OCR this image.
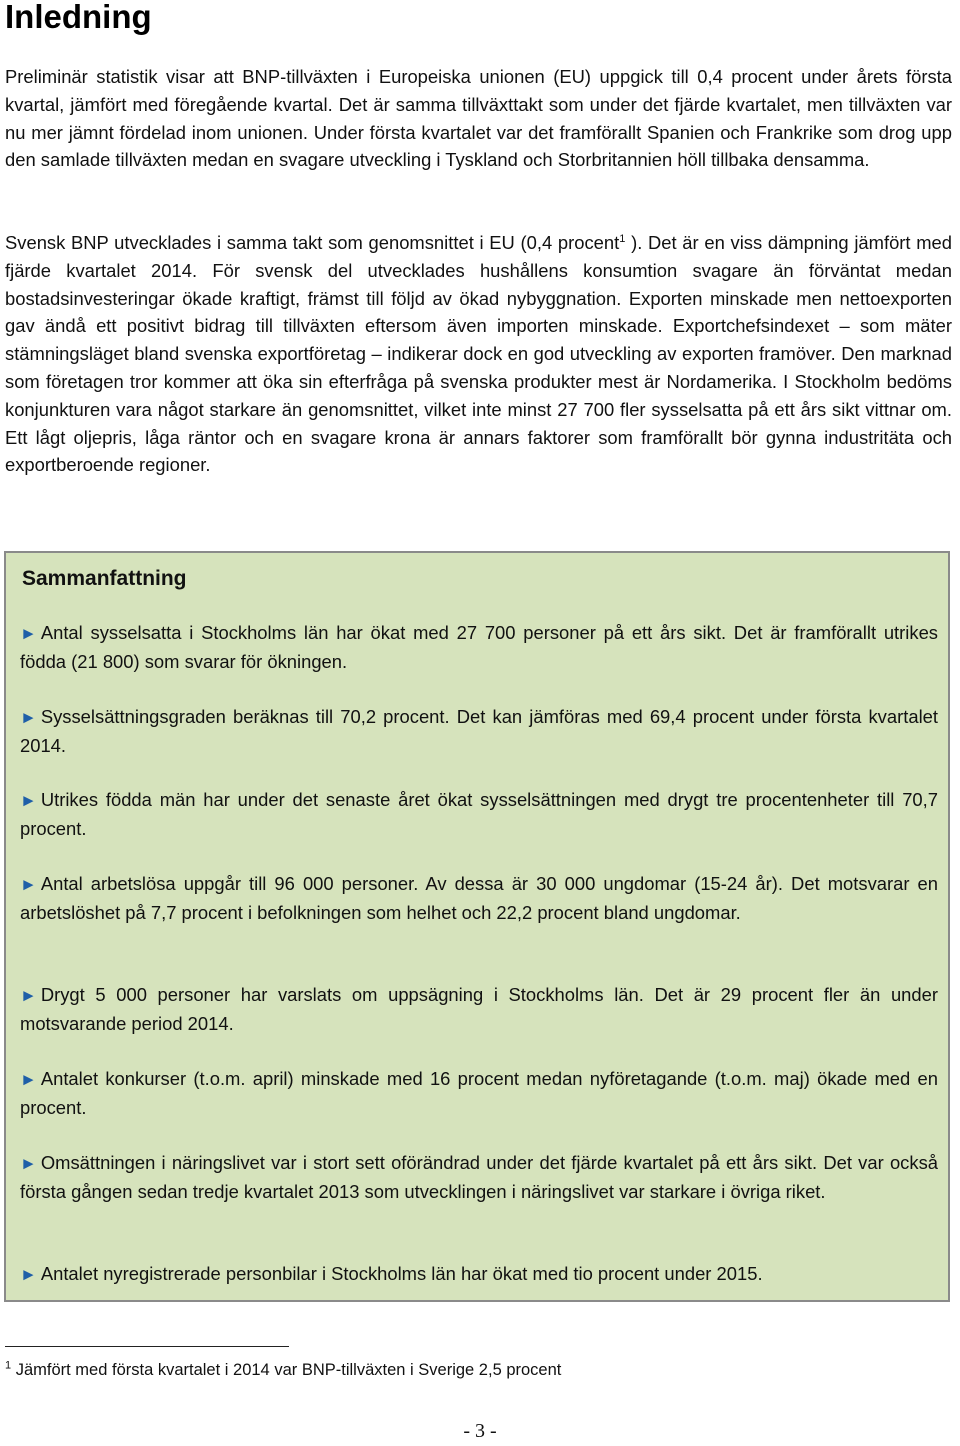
Inledning

Preliminär statistik visar att BNP-tillväxten i Europeiska unionen (EU) uppgick till 0,4 procent under årets första kvartal, jämfört med föregående kvartal. Det är samma tillväxttakt som under det fjärde kvartalet, men tillväxten var nu mer jämnt fördelad inom unionen. Under första kvartalet var det framförallt Spanien och Frankrike som drog upp den samlade tillväxten medan en svagare utveckling i Tyskland och Storbritannien höll tillbaka densamma.

Svensk BNP utvecklades i samma takt som genomsnittet i EU (0,4 procent$^1$ ). Det är en viss dämpning jämfört med fjärde kvartalet 2014. För svensk del utvecklades hushållens konsumtion svagare än förväntat medan bostadsinvesteringar ökade kraftigt, främst till följd av ökad nybyggnation. Exporten minskade men nettoexporten gav ändå ett positivt bidrag till tillväxten eftersom även importen minskade. Exportchefsindexet – som mäter stämningsläget bland svenska exportföretag – indikerar dock en god utveckling av exporten framöver. Den marknad som företagen tror kommer att öka sin efterfråga på svenska produkter mest är Nordamerika. I Stockholm bedöms konjunkturen vara något starkare än genomsnittet, vilket inte minst 27 700 fler sysselsatta på ett års sikt vittnar om. Ett lågt oljepris, låga räntor och en svagare krona är annars faktorer som framförallt bör gynna industritäta och exportberoende regioner.

Sammanfattning

► Antal sysselsatta i Stockholms län har ökat med 27 700 personer på ett års sikt. Det är framförallt utrikes födda (21 800) som svarar för ökningen.

► Sysselsättningsgraden beräknas till 70,2 procent. Det kan jämföras med 69,4 procent under första kvartalet 2014.

► Utrikes födda män har under det senaste året ökat sysselsättningen med drygt tre procentenheter till 70,7 procent.

► Antal arbetslösa uppgår till 96 000 personer. Av dessa är 30 000 ungdomar (15-24 år). Det motsvarar en arbetslöshet på 7,7 procent i befolkningen som helhet och 22,2 procent bland ungdomar.

► Drygt 5 000 personer har varslats om uppsägning i Stockholms län. Det är 29 procent fler än under motsvarande period 2014.

► Antalet konkurser (t.o.m. april) minskade med 16 procent medan nyföretagande (t.o.m. maj) ökade med en procent.

► Omsättningen i näringslivet var i stort sett oförändrad under det fjärde kvartalet på ett års sikt. Det var också första gången sedan tredje kvartalet 2013 som utvecklingen i näringslivet var starkare i övriga riket.

► Antalet nyregistrerade personbilar i Stockholms län har ökat med tio procent under 2015.

$^1$ Jämfört med första kvartalet i 2014 var BNP-tillväxten i Sverige 2,5 procent

- 3 -
